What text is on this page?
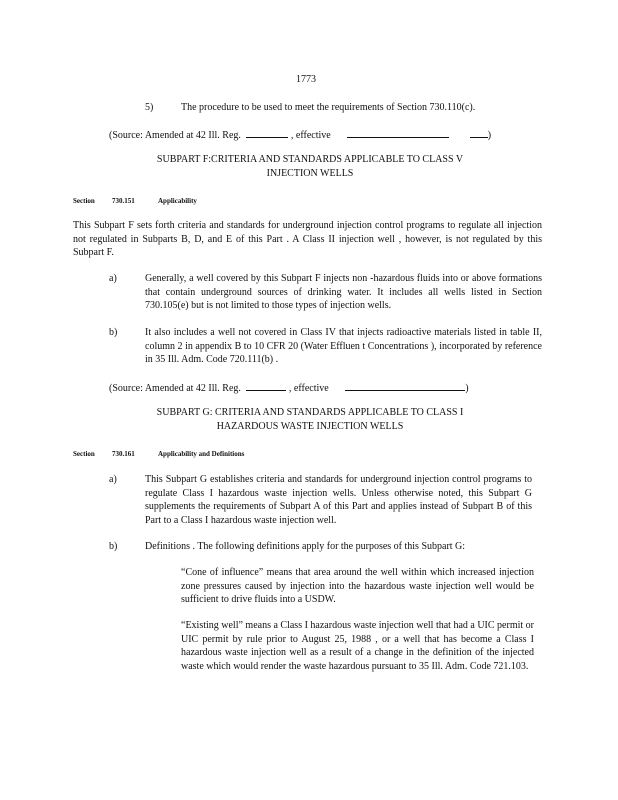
1773
5)	The procedure to be used to meet the requirements of Section 730.110(c).
(Source: Amended at 42 Ill. Reg.	, effective	)
SUBPART F:CRITERIA AND STANDARDS APPLICABLE TO CLASS V
INJECTION WELLS
Section 730.151	Applicability
This Subpart F sets forth criteria and standards for underground injection control programs to regulate all injection not regulated in Subparts B, D, and E of this Part . A Class II injection well , however, is not regulated by this Subpart F.
a)	Generally, a well covered by this Subpart F injects non -hazardous fluids into or above formations that contain underground sources of drinking water. It includes all wells listed in Section 730.105(e) but is not limited to those types of injection wells.
b)	It also includes a well not covered in Class IV that injects radioactive materials listed in table II, column 2 in appendix B to 10 CFR 20 (Water Effluen t Concentrations ), incorporated by reference in 35 Ill. Adm. Code 720.111(b) .
(Source: Amended at 42 Ill. Reg.	, effective	)
SUBPART G: CRITERIA AND STANDARDS APPLICABLE TO CLASS I
HAZARDOUS WASTE INJECTION WELLS
Section 730.161	Applicability and Definitions
a)	This Subpart G establishes criteria and standards for underground injection control programs to regulate Class I hazardous waste injection wells. Unless otherwise noted, this Subpart G supplements the requirements of Subpart A of this Part and applies instead of Subpart B of this Part to a Class I hazardous waste injection well.
b)	Definitions . The following definitions apply for the purposes of this Subpart G:
“Cone of influence” means that area around the well within which increased injection zone pressures caused by injection into the hazardous waste injection well would be sufficient to drive fluids into a USDW.
“Existing well” means a Class I hazardous waste injection well that had a UIC permit or UIC permit by rule prior to August 25, 1988 , or a well that has become a Class I hazardous waste injection well as a result of a change in the definition of the injected waste which would render the waste hazardous pursuant to 35 Ill. Adm. Code 721.103.
